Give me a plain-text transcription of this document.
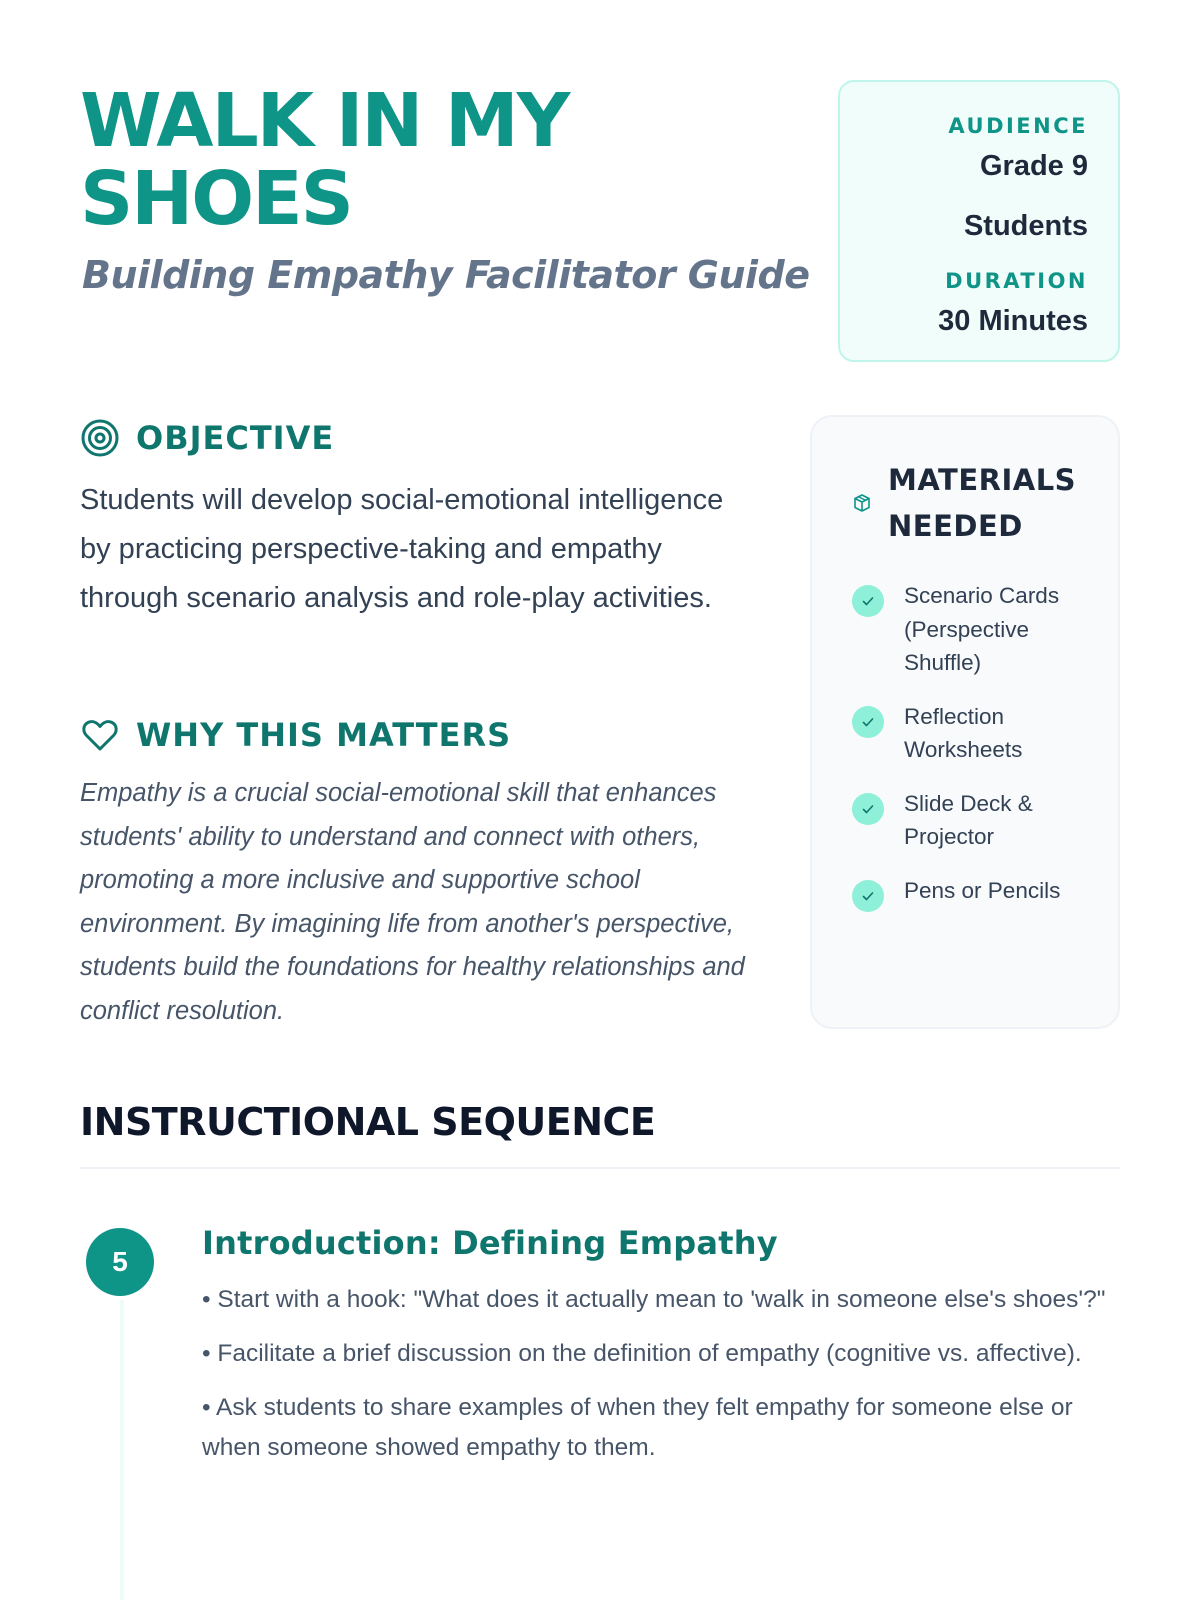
WALK IN MY SHOES
Building Empathy Facilitator Guide
AUDIENCE
Grade 9
Students
DURATION
30 Minutes
OBJECTIVE

Students will develop social-emotional intelligence by practicing perspective-taking and empathy through scenario analysis and role-play activities.

WHY THIS MATTERS

Empathy is a crucial social-emotional skill that enhances students' ability to understand and connect with others, promoting a more inclusive and supportive school environment. By imagining life from another's perspective, students build the foundations for healthy relationships and conflict resolution.

MATERIALS NEEDED
Scenario Cards (Perspective Shuffle)
Reflection Worksheets
Slide Deck & Projector
Pens or Pencils
INSTRUCTIONAL SEQUENCE
5	Introduction: Defining Empathy
• Start with a hook: "What does it actually mean to 'walk in someone else's shoes'?"
• Facilitate a brief discussion on the definition of empathy (cognitive vs. affective).
• Ask students to share examples of when they felt empathy for someone else or when someone showed empathy to them.
